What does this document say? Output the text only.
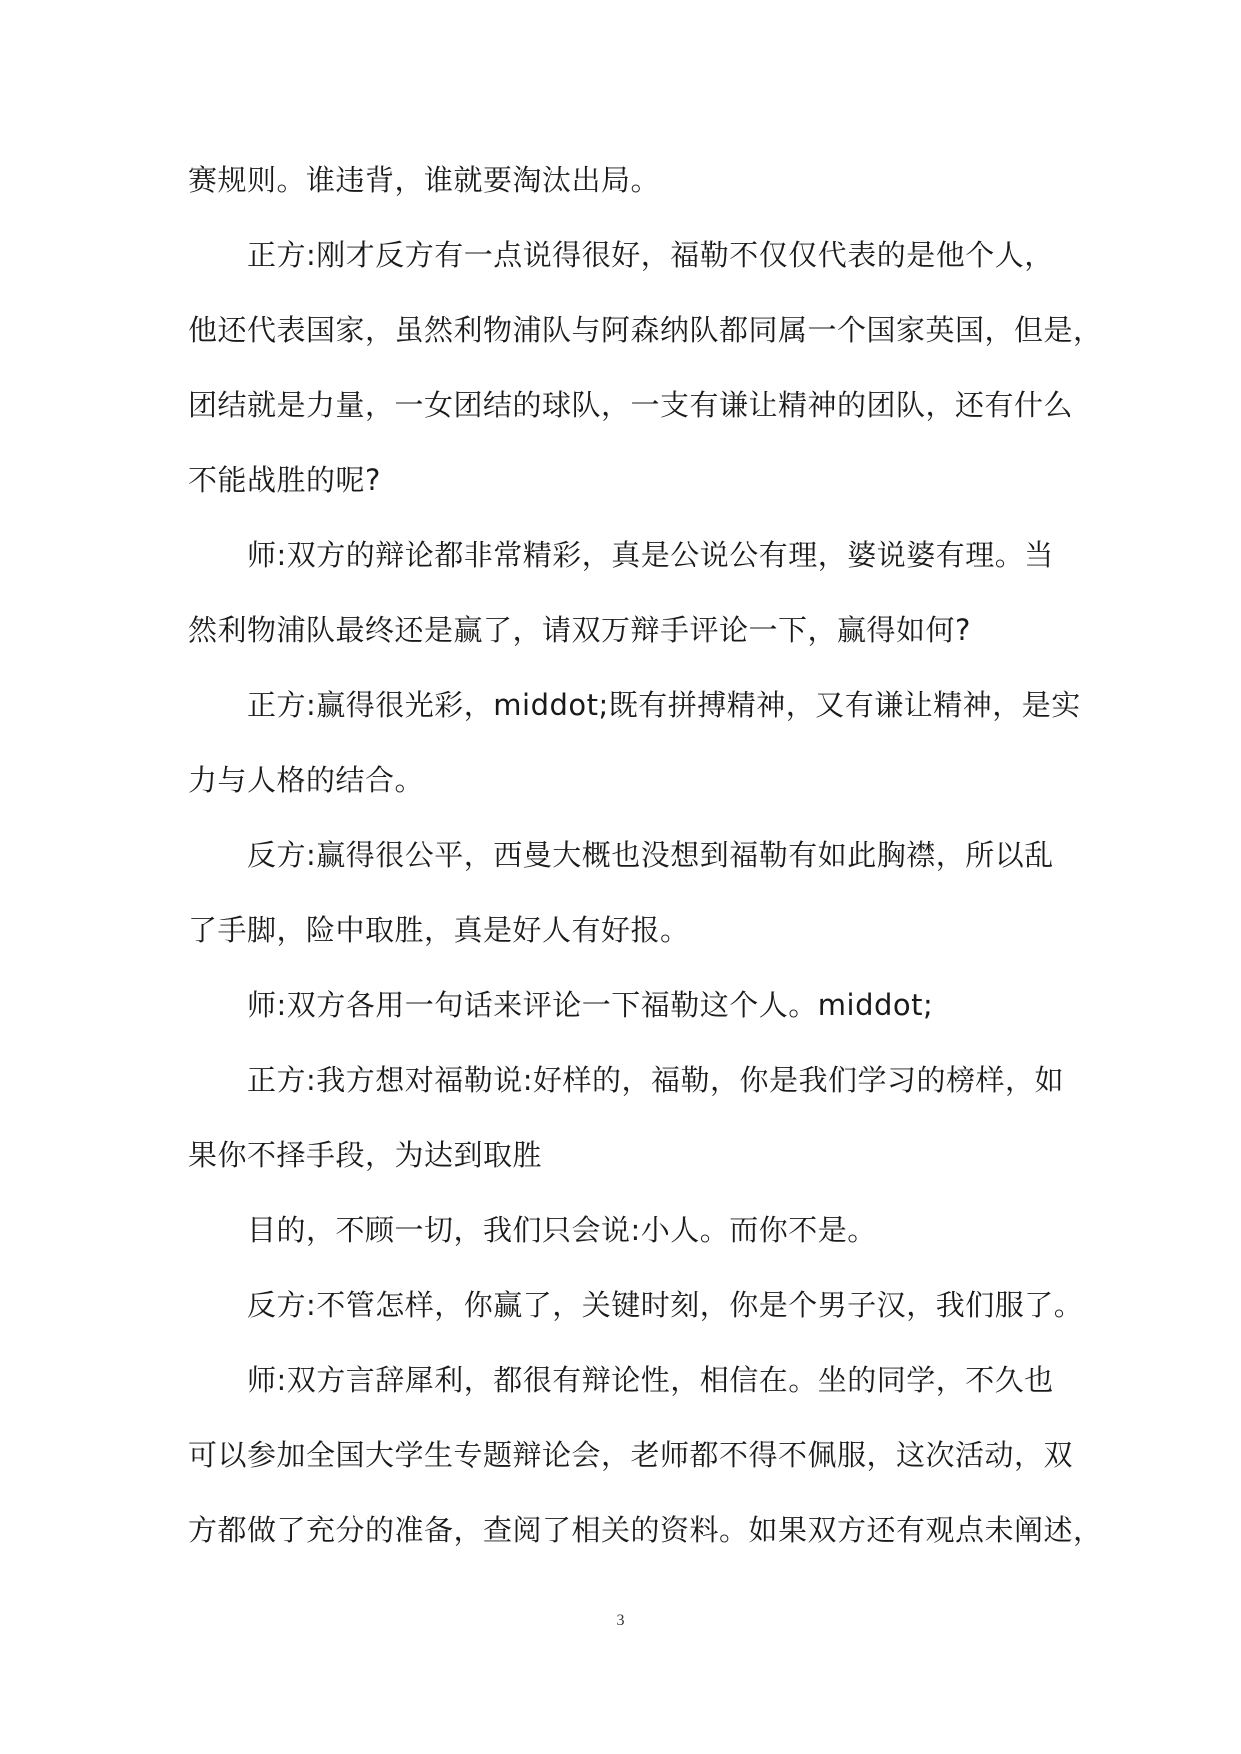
赛规则。谁违背，谁就要淘汰出局。
正方:刚才反方有一点说得很好，福勒不仅仅代表的是他个人，
他还代表国家，虽然利物浦队与阿森纳队都同属一个国家英国，但是，
团结就是力量，一女团结的球队，一支有谦让精神的团队，还有什么
不能战胜的呢?
师:双方的辩论都非常精彩，真是公说公有理，婆说婆有理。当
然利物浦队最终还是赢了，请双万辩手评论一下，赢得如何?
正方:赢得很光彩，middot;既有拼搏精神，又有谦让精神，是实
力与人格的结合。
反方:赢得很公平，西曼大概也没想到福勒有如此胸襟，所以乱
了手脚，险中取胜，真是好人有好报。
师:双方各用一句话来评论一下福勒这个人。middot;
正方:我方想对福勒说:好样的，福勒，你是我们学习的榜样，如
果你不择手段，为达到取胜
目的，不顾一切，我们只会说:小人。而你不是。
反方:不管怎样，你赢了，关键时刻，你是个男子汉，我们服了。
师:双方言辞犀利，都很有辩论性，相信在。坐的同学，不久也
可以参加全国大学生专题辩论会，老师都不得不佩服，这次活动，双
方都做了充分的准备，查阅了相关的资料。如果双方还有观点未阐述，
3
